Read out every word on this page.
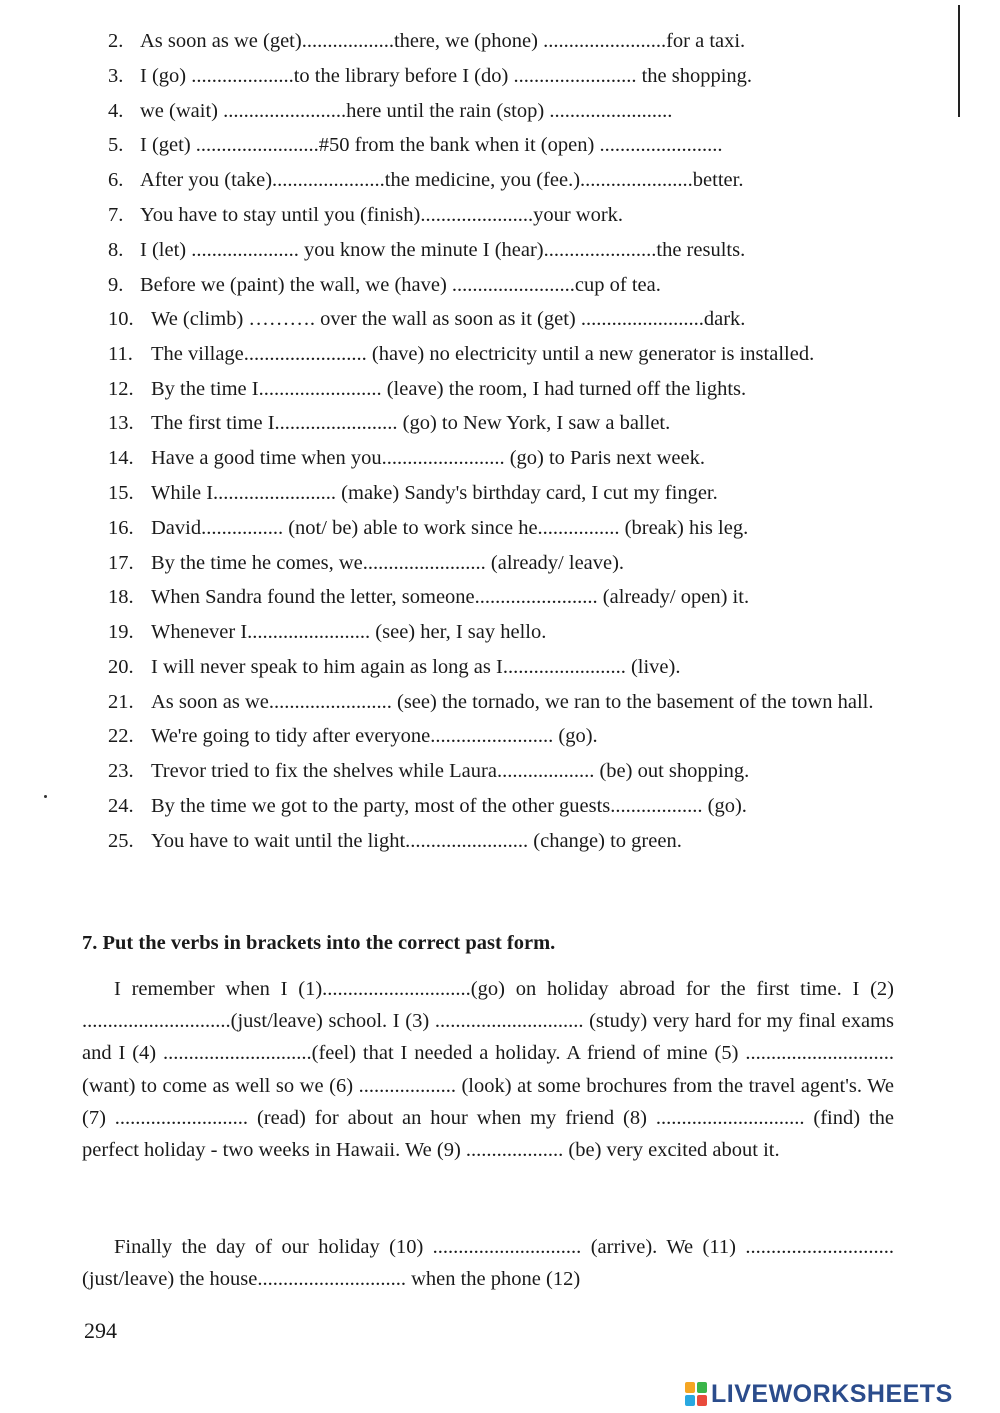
2. As soon as we (get)..................there, we (phone) ........................for a taxi.
3. I (go) ....................to the library before I (do) ........................ the shopping.
4. we (wait) ........................here until the rain (stop) ........................
5. I (get) ........................#50 from the bank when it (open) ........................
6. After you (take)......................the medicine, you (fee.)......................better.
7. You have to stay until you (finish)......................your work.
8. I (let) ..................... you know the minute I (hear)......................the results.
9. Before we (paint) the wall, we (have) ........................cup of tea.
10. We (climb) ………. over the wall as soon as it (get) ........................dark.
11. The village........................ (have) no electricity until a new generator is installed.
12. By the time I........................ (leave) the room, I had turned off the lights.
13. The first time I........................ (go) to New York, I saw a ballet.
14. Have a good time when you........................ (go) to Paris next week.
15. While I........................ (make) Sandy's birthday card, I cut my finger.
16. David................ (not/ be) able to work since he................ (break) his leg.
17. By the time he comes, we........................ (already/ leave).
18. When Sandra found the letter, someone........................ (already/ open) it.
19. Whenever I........................ (see) her, I say hello.
20. I will never speak to him again as long as I........................ (live).
21. As soon as we........................ (see) the tornado, we ran to the basement of the town hall.
22. We're going to tidy after everyone........................ (go).
23. Trevor tried to fix the shelves while Laura................... (be) out shopping.
24. By the time we got to the party, most of the other guests.................. (go).
25. You have to wait until the light........................ (change) to green.
7. Put the verbs in brackets into the correct past form.

I remember when I (1).............................(go) on holiday abroad for the first time. I (2) .............................(just/leave) school. I (3) ............................. (study) very hard for my final exams and I (4) .............................(feel) that I needed a holiday. A friend of mine (5) .............................(want) to come as well so we (6) ................... (look) at some brochures from the travel agent's. We (7) .......................... (read) for about an hour when my friend (8) ............................. (find) the perfect holiday - two weeks in Hawaii. We (9) ................... (be) very excited about it.

Finally the day of our holiday (10) ............................. (arrive). We (11) ............................. (just/leave) the house............................. when the phone (12)

294
LIVEWORKSHEETS
